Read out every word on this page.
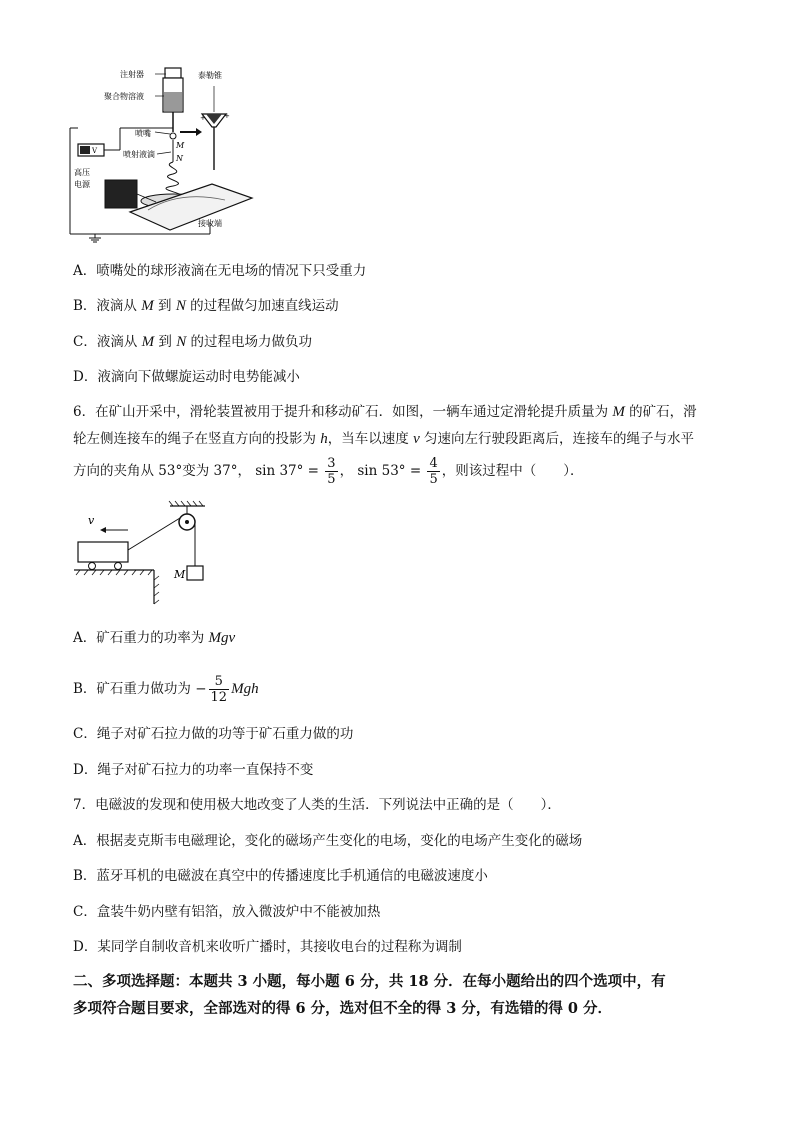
注射器
聚合物溶液
喷嘴
喷射液滴
M
N
接收端
泰勒锥
+
+
V
高压
电源
A．喷嘴处的球形液滴在无电场的情况下只受重力
B．液滴从 M 到 N 的过程做匀加速直线运动
C．液滴从 M 到 N 的过程电场力做负功
D．液滴向下做螺旋运动时电势能减小
6．在矿山开采中，滑轮装置被用于提升和移动矿石．如图，一辆车通过定滑轮提升质量为 M 的矿石，滑
轮左侧连接车的绳子在竖直方向的投影为 h，当车以速度 v 匀速向左行驶段距离后，连接车的绳子与水平
方向的夹角从 53°变为 37°， $\sin 37^\circ = \frac{3}{5}$ ， $\sin 53^\circ = \frac{4}{5}$ ，则该过程中（　　）．
v
M
A．矿石重力的功率为 Mgv
B．矿石重力做功为 − $\frac{5}{12}$ Mgh
C．绳子对矿石拉力做的功等于矿石重力做的功
D．绳子对矿石拉力的功率一直保持不变
7．电磁波的发现和使用极大地改变了人类的生活．下列说法中正确的是（　　）．
A．根据麦克斯韦电磁理论，变化的磁场产生变化的电场，变化的电场产生变化的磁场
B．蓝牙耳机的电磁波在真空中的传播速度比手机通信的电磁波速度小
C．盒装牛奶内壁有铝箔，放入微波炉中不能被加热
D．某同学自制收音机来收听广播时，其接收电台的过程称为调制
二、多项选择题：本题共 3 小题，每小题 6 分，共 18 分．在每小题给出的四个选项中，有
多项符合题目要求，全部选对的得 6 分，选对但不全的得 3 分，有选错的得 0 分．
